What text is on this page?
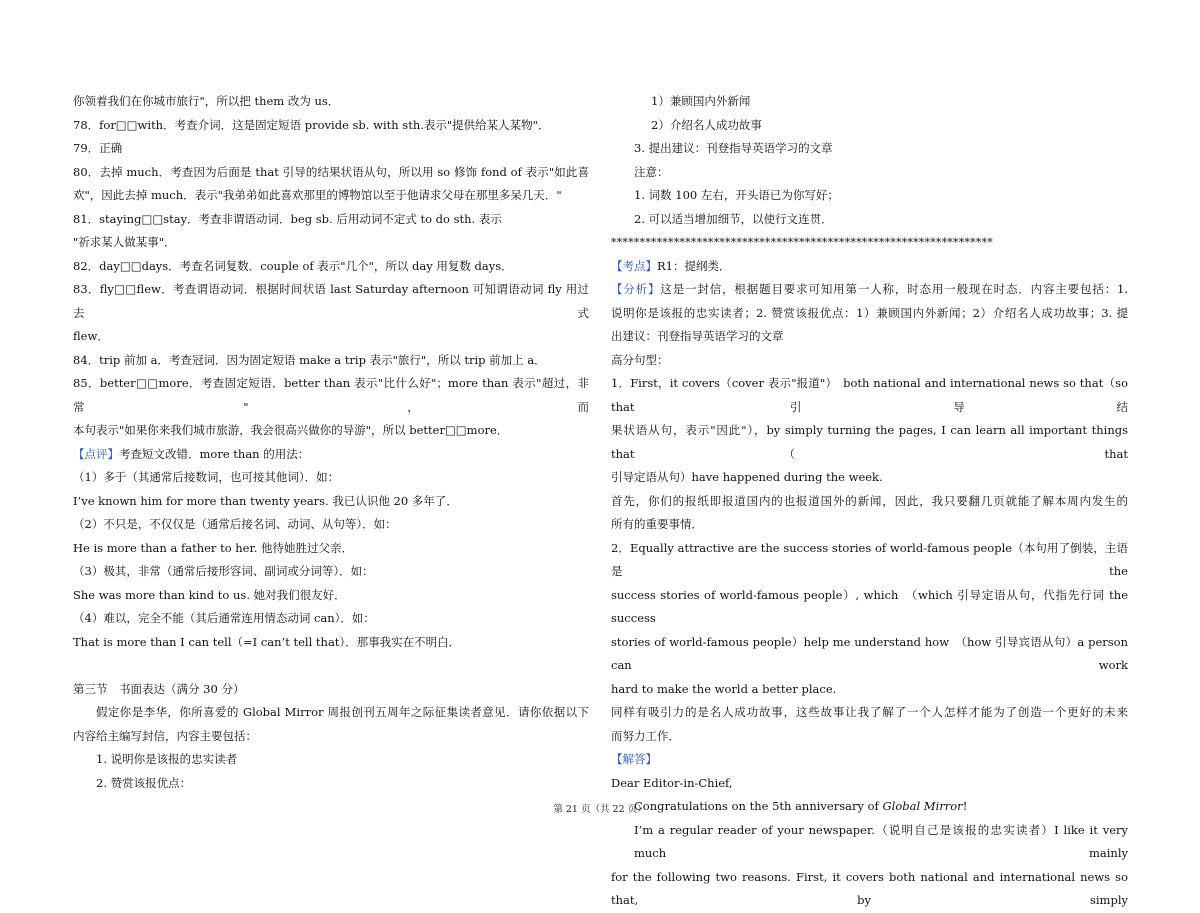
你领着我们在你城市旅行"，所以把 them 改为 us．

78．for□□with．考查介词．这是固定短语 provide sb. with sth.表示"提供给某人某物"．

79．正确

80．去掉 much．考查因为后面是 that 引导的结果状语从句，所以用 so 修饰 fond of 表示"如此喜

欢"，因此去掉 much．表示"我弟弟如此喜欢那里的博物馆以至于他请求父母在那里多呆几天．"

81．staying□□stay．考查非谓语动词．beg sb. 后用动词不定式 to do sth. 表示

"祈求某人做某事"．

82．day□□days．考查名词复数．couple of 表示"几个"，所以 day 用复数 days．

83．fly□□flew．考查谓语动词．根据时间状语 last Saturday afternoon 可知谓语动词 fly 用过去式

flew．

84．trip 前加 a．考查冠词．因为固定短语 make a trip 表示"旅行"，所以 trip 前加上 a．

85．better□□more．考查固定短语．better than 表示"比什么好"；more than 表示"超过，非常"，而

本句表示"如果你来我们城市旅游，我会很高兴做你的导游"，所以 better□□more．

【点评】考查短文改错．more than 的用法：

（1）多于（其通常后接数词，也可接其他词）．如：

I’ve known him for more than twenty years. 我已认识他 20 多年了．

（2）不只是，不仅仅是（通常后接名词、动词、从句等）．如：

He is more than a father to her. 他待她胜过父亲．

（3）极其，非常（通常后接形容词、副词或分词等）．如：

She was more than kind to us. 她对我们很友好．

（4）难以，完全不能（其后通常连用情态动词 can）．如：

That is more than I can tell（=I can’t tell that）．那事我实在不明白．

第三节　书面表达（满分 30 分）

假定你是李华，你所喜爱的 Global Mirror 周报创刊五周年之际征集读者意见．请你依据以下

内容给主编写封信，内容主要包括：

1. 说明你是该报的忠实读者

2. 赞赏该报优点：

1）兼顾国内外新闻

2）介绍名人成功故事

3. 提出建议：刊登指导英语学习的文章

注意：

1. 词数 100 左右，开头语已为你写好；

2. 可以适当增加细节，以使行文连贯．

*******************************************************************

【考点】R1：提纲类．

【分析】这是一封信，根据题目要求可知用第一人称，时态用一般现在时态．内容主要包括：1.

说明你是该报的忠实读者；2. 赞赏该报优点：1）兼顾国内外新闻；2）介绍名人成功故事；3. 提

出建议：刊登指导英语学习的文章

高分句型：

1．First，it covers（cover 表示"报道"）　both national and international news so that（so that 引导结

果状语从句，表示"因此"），by simply turning the pages, I can learn all important things that（　that

引导定语从句）have happened during the week.

首先，你们的报纸即报道国内的也报道国外的新闻，因此，我只要翻几页就能了解本周内发生的

所有的重要事情．

2．Equally attractive are the success stories of world-famous people（本句用了倒装，主语是 the

success stories of world-famous people）, which　（which 引导定语从句，代指先行词 the success

stories of world-famous people）help me understand how　（how 引导宾语从句）a person can work

hard to make the world a better place.

同样有吸引力的是名人成功故事，这些故事让我了解了一个人怎样才能为了创造一个更好的未来

而努力工作．

【解答】

Dear Editor-in-Chief,

Congratulations on the 5th anniversary of Global Mirror!

I’m a regular reader of your newspaper.（说明自己是该报的忠实读者）I like it very much mainly

for the following two reasons. First, it covers both national and international news so that, by simply

第 21 页（共 22 页）
